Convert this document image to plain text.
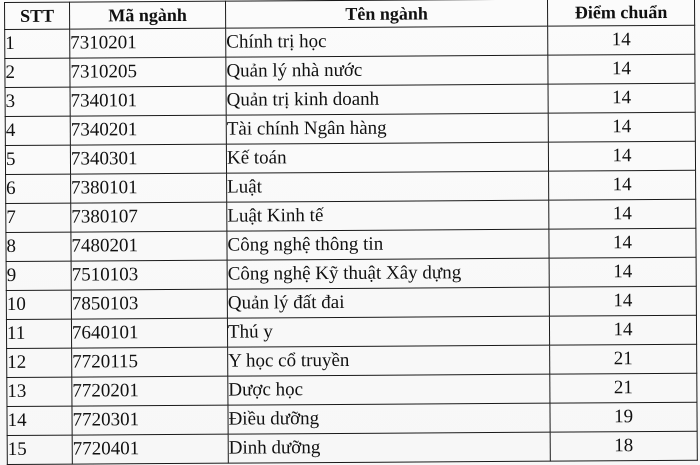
STT	Mã ngành	Tên ngành	Điểm chuẩn
1	7310201	Chính trị học	14
2	7310205	Quản lý nhà nước	14
3	7340101	Quản trị kinh doanh	14
4	7340201	Tài chính Ngân hàng	14
5	7340301	Kế toán	14
6	7380101	Luật	14
7	7380107	Luật Kinh tế	14
8	7480201	Công nghệ thông tin	14
9	7510103	Công nghệ Kỹ thuật Xây dựng	14
10	7850103	Quản lý đất đai	14
11	7640101	Thú y	14
12	7720115	Y học cổ truyền	21
13	7720201	Dược học	21
14	7720301	Điều dưỡng	19
15	7720401	Dinh dưỡng	18
